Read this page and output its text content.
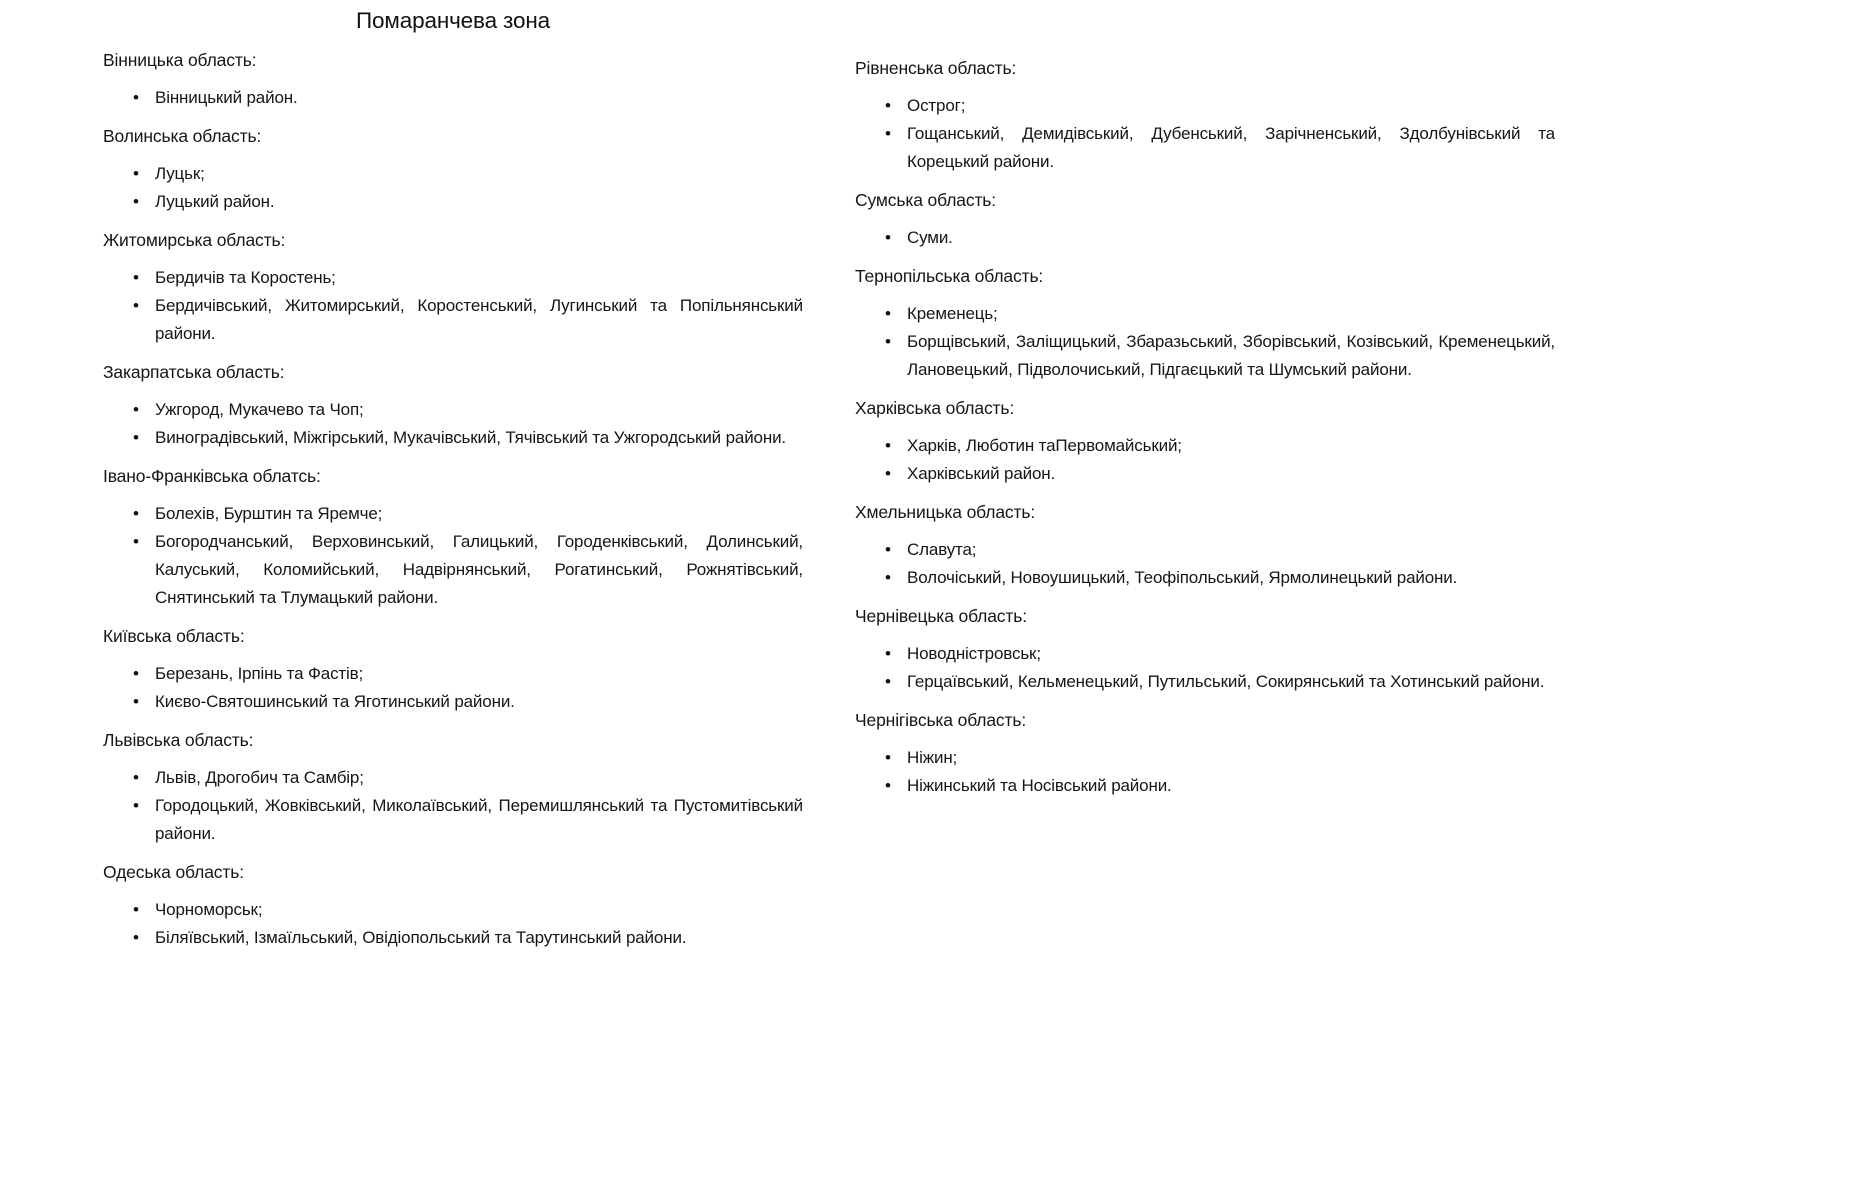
Помаранчева зона
Вінницька область:
• Вінницький район.
Волинська область:
• Луцьк;
• Луцький район.
Житомирська область:
• Бердичів та Коростень;
• Бердичівський, Житомирський, Коростенський, Лугинський та Попільнянський райони.
Закарпатська область:
• Ужгород, Мукачево та Чоп;
• Виноградівський, Міжгірський, Мукачівський, Тячівський та Ужгородський райони.
Івано-Франківська облатсь:
• Болехів, Бурштин та Яремче;
• Богородчанський, Верховинський, Галицький, Городенківський, Долинський, Калуський, Коломийський, Надвірнянський, Рогатинський, Рожнятівський, Снятинський та Тлумацький райони.
Київська область:
• Березань, Ірпінь та Фастів;
• Києво-Святошинський та Яготинський райони.
Львівська область:
• Львів, Дрогобич та Самбір;
• Городоцький, Жовківський, Миколаївський, Перемишлянський та Пустомитівський райони.
Одеська область:
• Чорноморськ;
• Біляївський, Ізмаїльський, Овідіопольський та Тарутинський райони.
Рівненська область:
• Острог;
• Гощанський, Демидівський, Дубенський, Зарічненський, Здолбунівський та Корецький райони.
Сумська область:
• Суми.
Тернопільська область:
• Кременець;
• Борщівський, Заліщицький, Збаразьський, Зборівський, Козівський, Кременецький, Лановецький, Підволочиський, Підгаєцький та Шумський райони.
Харківська область:
• Харків, Люботин таПервомайський;
• Харківський район.
Хмельницька область:
• Славута;
• Волочіський, Новоушицький, Теофіпольський, Ярмолинецький райони.
Чернівецька область:
• Новодністровськ;
• Герцаївський, Кельменецький, Путильський, Сокирянський та Хотинський райони.
Чернігівська область:
• Ніжин;
• Ніжинський та Носівський райони.
